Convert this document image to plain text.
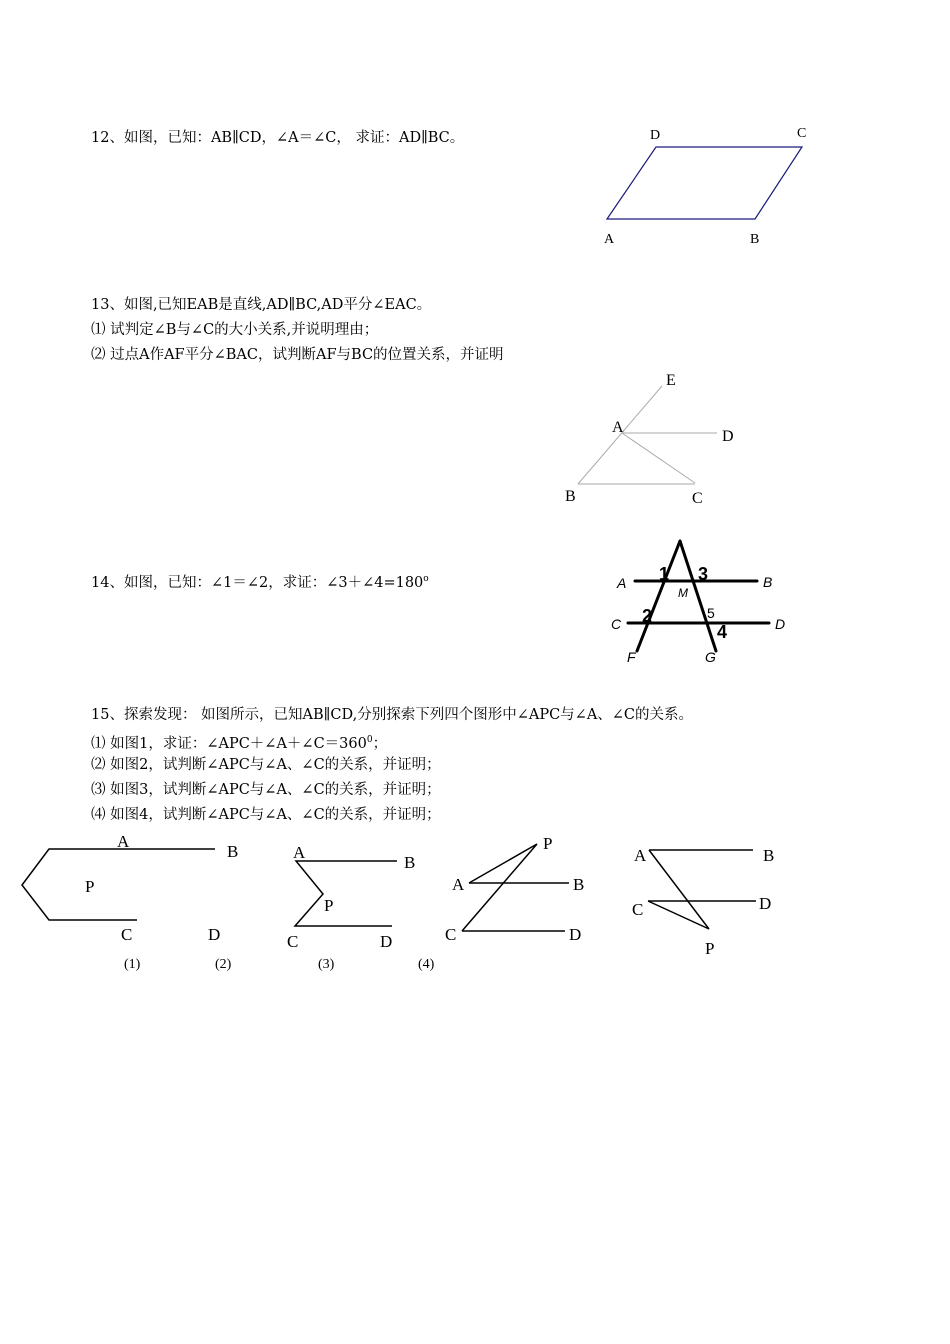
12、如图，已知：AB∥CD，∠A＝∠C， 求证：AD∥BC。	D	C
A	B
13、如图,已知EAB是直线,AD∥BC,AD平分∠EAC。
⑴ 试判定∠B与∠C的大小关系,并说明理由；
⑵ 过点A作AF平分∠BAC，试判断AF与BC的位置关系，并证明
E
A
D
B	C
14、如图，已知：∠1＝∠2，求证：$\angle 3+\angle 4=180^o$	A	B
C	D
F	G
M
1 3
2	5
4
15、探索发现： 如图所示，已知AB∥CD,分别探索下列四个图形中∠APC与∠A、∠C的关系。
⑴ 如图1，求证：$\angle APC+\angle A+\angle C=360^0$；
⑵ 如图2，试判断∠APC与∠A、∠C的关系，并证明；
⑶ 如图3，试判断∠APC与∠A、∠C的关系，并证明；
⑷ 如图4，试判断∠APC与∠A、∠C的关系，并证明；
A
B
P
C	D
A
B
P
C	D
P
A	B
C	D
A	B
C	D
P
(1)	(2)	(3)	(4)
